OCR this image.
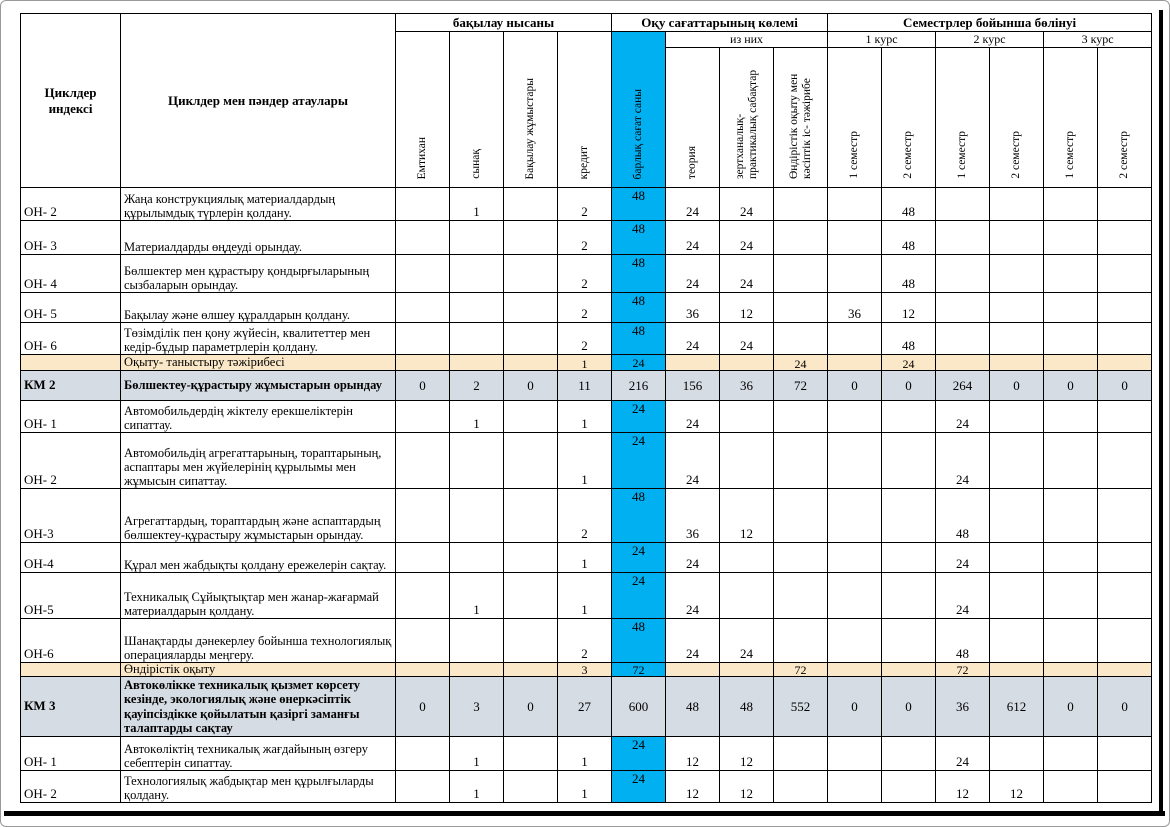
Циклдер индексі	Циклдер мен пәндер атаулары	бақылау нысаны				Оқу сағаттарының көлемі				Семестрлер бойынша бөлінуі					
		Емтихан	сынақ	Бақылау жұмыстары	кредит	барлық сағат саны	из них			1 курс		2 курс		3 курс	
							теория	зертханалық-практикалық сабақтар	Өндірістік оқыту мен кәсіптік іс- тәжірибе	1 семестр	2 семестр	1 семестр	2 семестр	1 семестр	2 семестр
ОН- 2	Жаңа конструкциялық материалдардың құрылымдық түрлерін қолдану.		1		2	48	24	24			48				
ОН- 3	Материалдарды өңдеуді орындау.				2	48	24	24			48				
ОН- 4	Бөлшектер мен құрастыру қондырғыларының сызбаларын орындау.				2	48	24	24			48				
ОН- 5	Бақылау және өлшеу құралдарын қолдану.				2	48	36	12		36	12				
ОН- 6	Төзімділік пен қону жүйесін, квалитеттер мен кедір-бұдыр параметрлерін қолдану.				2	48	24	24			48				
	Оқыту- таныстыру тәжірибесі				1	24			24		24				
КМ 2	Бөлшектеу-құрастыру жұмыстарын орындау	0	2	0	11	216	156	36	72	0	0	264	0	0	0
ОН- 1	Автомобильдердің жіктелу ерекшеліктерін сипаттау.		1		1	24	24					24			
ОН- 2	Автомобильдің агрегаттарының, тораптарының, аспаптары мен жүйелерінің құрылымы мен жұмысын сипаттау.				1	24	24					24			
ОН-3	Агрегаттардың, тораптардың және аспаптардың бөлшектеу-құрастыру жұмыстарын орындау.				2	48	36	12				48			
ОН-4	Құрал мен жабдықты қолдану ережелерін сақтау.				1	24	24					24			
ОН-5	Техникалық Сұйықтықтар мен жанар-жағармай материалдарын қолдану.		1		1	24	24					24			
ОН-6	Шанақтарды дәнекерлеу бойынша технологиялық операцияларды меңгеру.				2	48	24	24				48			
	Өндірістік оқыту				3	72			72			72			
КМ 3	Автокөлікке техникалық қызмет көрсету кезінде, экологиялық және өнеркәсіптік қауіпсіздікке қойылатын қазіргі заманғы талаптарды сақтау	0	3	0	27	600	48	48	552	0	0	36	612	0	0
ОН- 1	Автокөліктің техникалық жағдайының өзгеру себептерін сипаттау.		1		1	24	12	12				24			
ОН- 2	Технологиялық жабдықтар мен құрылғыларды қолдану.		1		1	24	12	12				12	12		
